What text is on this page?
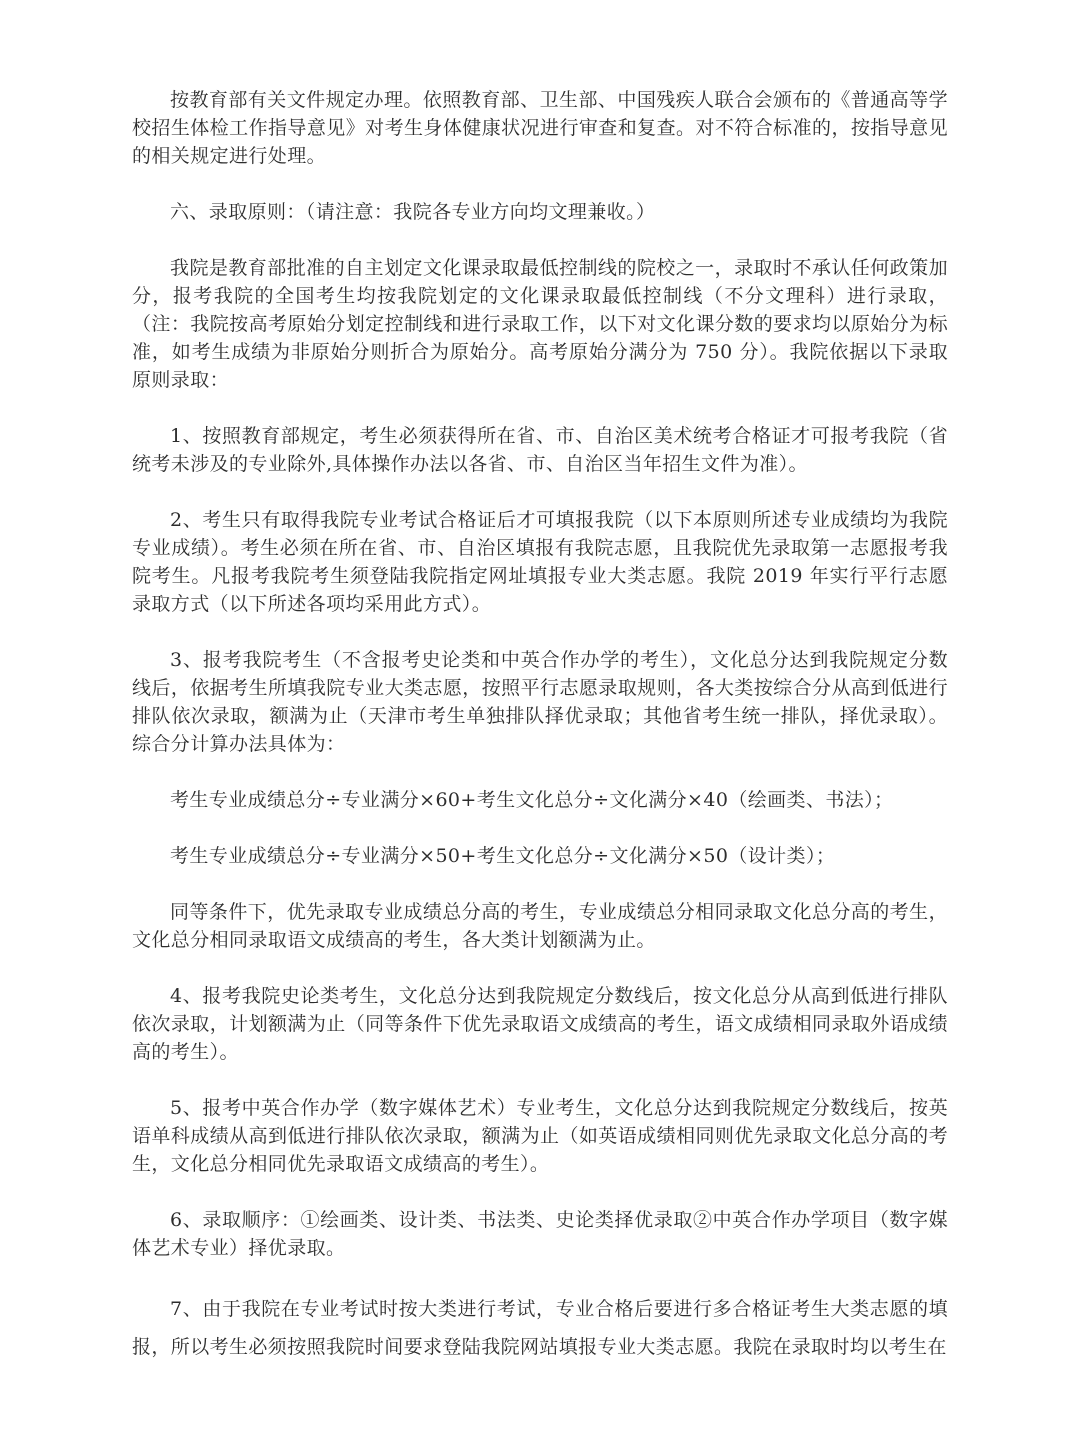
按教育部有关文件规定办理。依照教育部、卫生部、中国残疾人联合会颁布的《普通高等学校招生体检工作指导意见》对考生身体健康状况进行审查和复查。对不符合标准的，按指导意见的相关规定进行处理。

六、录取原则：（请注意：我院各专业方向均文理兼收。）

我院是教育部批准的自主划定文化课录取最低控制线的院校之一，录取时不承认任何政策加分，报考我院的全国考生均按我院划定的文化课录取最低控制线（不分文理科）进行录取，（注：我院按高考原始分划定控制线和进行录取工作，以下对文化课分数的要求均以原始分为标准，如考生成绩为非原始分则折合为原始分。高考原始分满分为 750 分）。我院依据以下录取原则录取：

1、按照教育部规定，考生必须获得所在省、市、自治区美术统考合格证才可报考我院（省统考未涉及的专业除外,具体操作办法以各省、市、自治区当年招生文件为准）。

2、考生只有取得我院专业考试合格证后才可填报我院（以下本原则所述专业成绩均为我院专业成绩）。考生必须在所在省、市、自治区填报有我院志愿，且我院优先录取第一志愿报考我院考生。凡报考我院考生须登陆我院指定网址填报专业大类志愿。我院 2019 年实行平行志愿录取方式（以下所述各项均采用此方式）。

3、报考我院考生（不含报考史论类和中英合作办学的考生），文化总分达到我院规定分数线后，依据考生所填我院专业大类志愿，按照平行志愿录取规则，各大类按综合分从高到低进行排队依次录取，额满为止（天津市考生单独排队择优录取；其他省考生统一排队，择优录取）。综合分计算办法具体为：

考生专业成绩总分÷专业满分×60+考生文化总分÷文化满分×40（绘画类、书法）；

考生专业成绩总分÷专业满分×50+考生文化总分÷文化满分×50（设计类）；

同等条件下，优先录取专业成绩总分高的考生，专业成绩总分相同录取文化总分高的考生，文化总分相同录取语文成绩高的考生，各大类计划额满为止。

4、报考我院史论类考生，文化总分达到我院规定分数线后，按文化总分从高到低进行排队依次录取，计划额满为止（同等条件下优先录取语文成绩高的考生，语文成绩相同录取外语成绩高的考生）。

5、报考中英合作办学（数字媒体艺术）专业考生，文化总分达到我院规定分数线后，按英语单科成绩从高到低进行排队依次录取，额满为止（如英语成绩相同则优先录取文化总分高的考生，文化总分相同优先录取语文成绩高的考生）。

6、录取顺序：①绘画类、设计类、书法类、史论类择优录取②中英合作办学项目（数字媒体艺术专业）择优录取。

7、由于我院在专业考试时按大类进行考试，专业合格后要进行多合格证考生大类志愿的填报，所以考生必须按照我院时间要求登陆我院网站填报专业大类志愿。我院在录取时均以考生在
